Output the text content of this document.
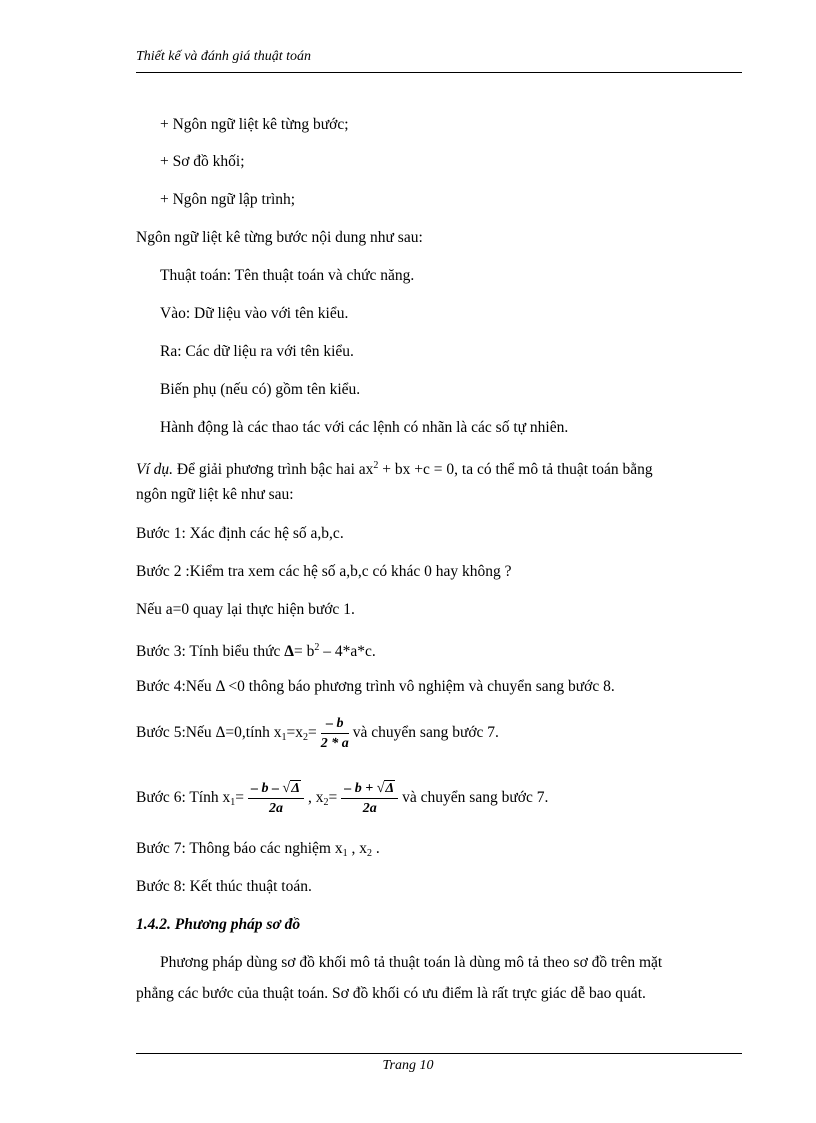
Thiết kế và đánh giá thuật toán
+ Ngôn ngữ liệt kê từng bước;
+ Sơ đồ khối;
+ Ngôn ngữ lập trình;
Ngôn ngữ liệt kê từng bước nội dung như sau:
Thuật toán: Tên thuật toán và chức năng.
Vào: Dữ liệu vào với tên kiểu.
Ra: Các dữ liệu ra với tên kiểu.
Biến phụ (nếu có) gồm tên kiểu.
Hành động là các thao tác với các lệnh có nhãn là các số tự nhiên.
Ví dụ. Để giải phương trình bậc hai $ax^2$ + bx +c = 0, ta có thể mô tả thuật toán bằng
ngôn ngữ liệt kê như sau:
Bước 1: Xác định các hệ số a,b,c.
Bước 2 :Kiểm tra xem các hệ số a,b,c có khác 0 hay không ?
Nếu a=0 quay lại thực hiện bước 1.
Bước 3: Tính biểu thức $\Delta= b^2 - 4*a*c$.
Bước 4:Nếu Δ <0 thông báo phương trình vô nghiệm và chuyển sang bước 8.
Bước 5:Nếu Δ=0,tính $x_1=x_2= \frac{- b}{2 * a}$ và chuyển sang bước 7.
Bước 6: Tính $x_1= \frac{- b - √\Delta}{2a}$ , $x_2= \frac{- b + √\Delta}{2a}$ và chuyển sang bước 7.
Bước 7: Thông báo các nghiệm $x_1$ , $x_2$ .
Bước 8: Kết thúc thuật toán.
1.4.2. Phương pháp sơ đồ
Phương pháp dùng sơ đồ khối mô tả thuật toán là dùng mô tả theo sơ đồ trên mặt
phẳng các bước của thuật toán. Sơ đồ khối có ưu điểm là rất trực giác dễ bao quát.
Trang 10
